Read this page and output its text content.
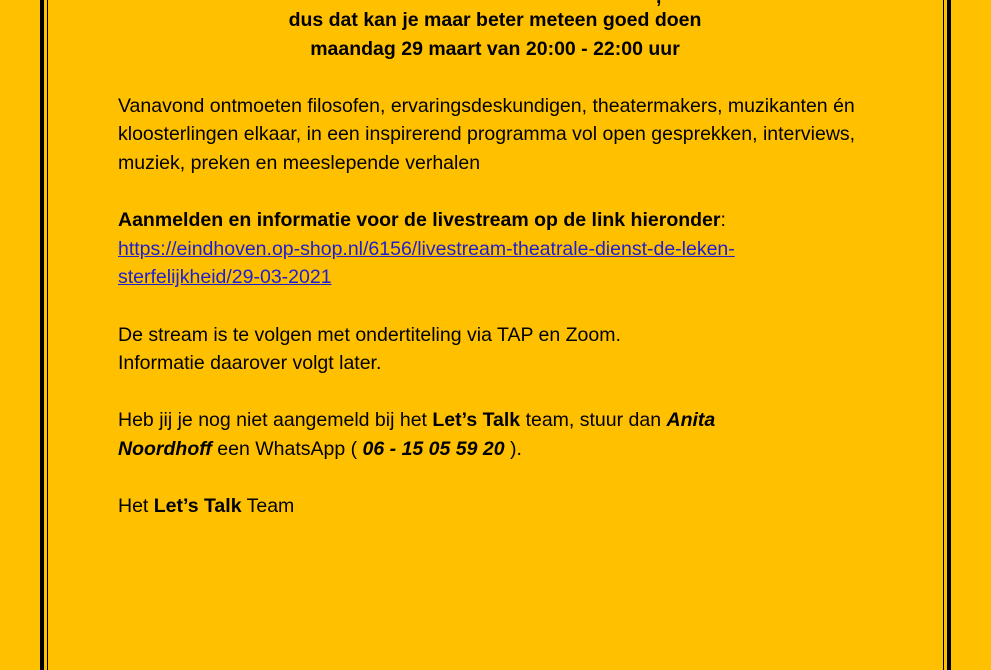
dus dat kan je maar beter meteen goed doen
maandag 29 maart van 20:00 - 22:00 uur

Vanavond ontmoeten filosofen, ervaringsdeskundigen, theatermakers, muzikanten én kloosterlingen elkaar, in een inspirerend programma vol open gesprekken, interviews, muziek, preken en meeslepende verhalen

Aanmelden en informatie voor de livestream op de link hieronder:
https://eindhoven.op-shop.nl/6156/livestream-theatrale-dienst-de-leken-
sterfelijkheid/29-03-2021

De stream is te volgen met ondertiteling via TAP en Zoom.
Informatie daarover volgt later.

Heb jij je nog niet aangemeld bij het Let’s Talk team, stuur dan Anita
Noordhoff een WhatsApp ( 06 - 15 05 59 20 ).

Het Let’s Talk Team
